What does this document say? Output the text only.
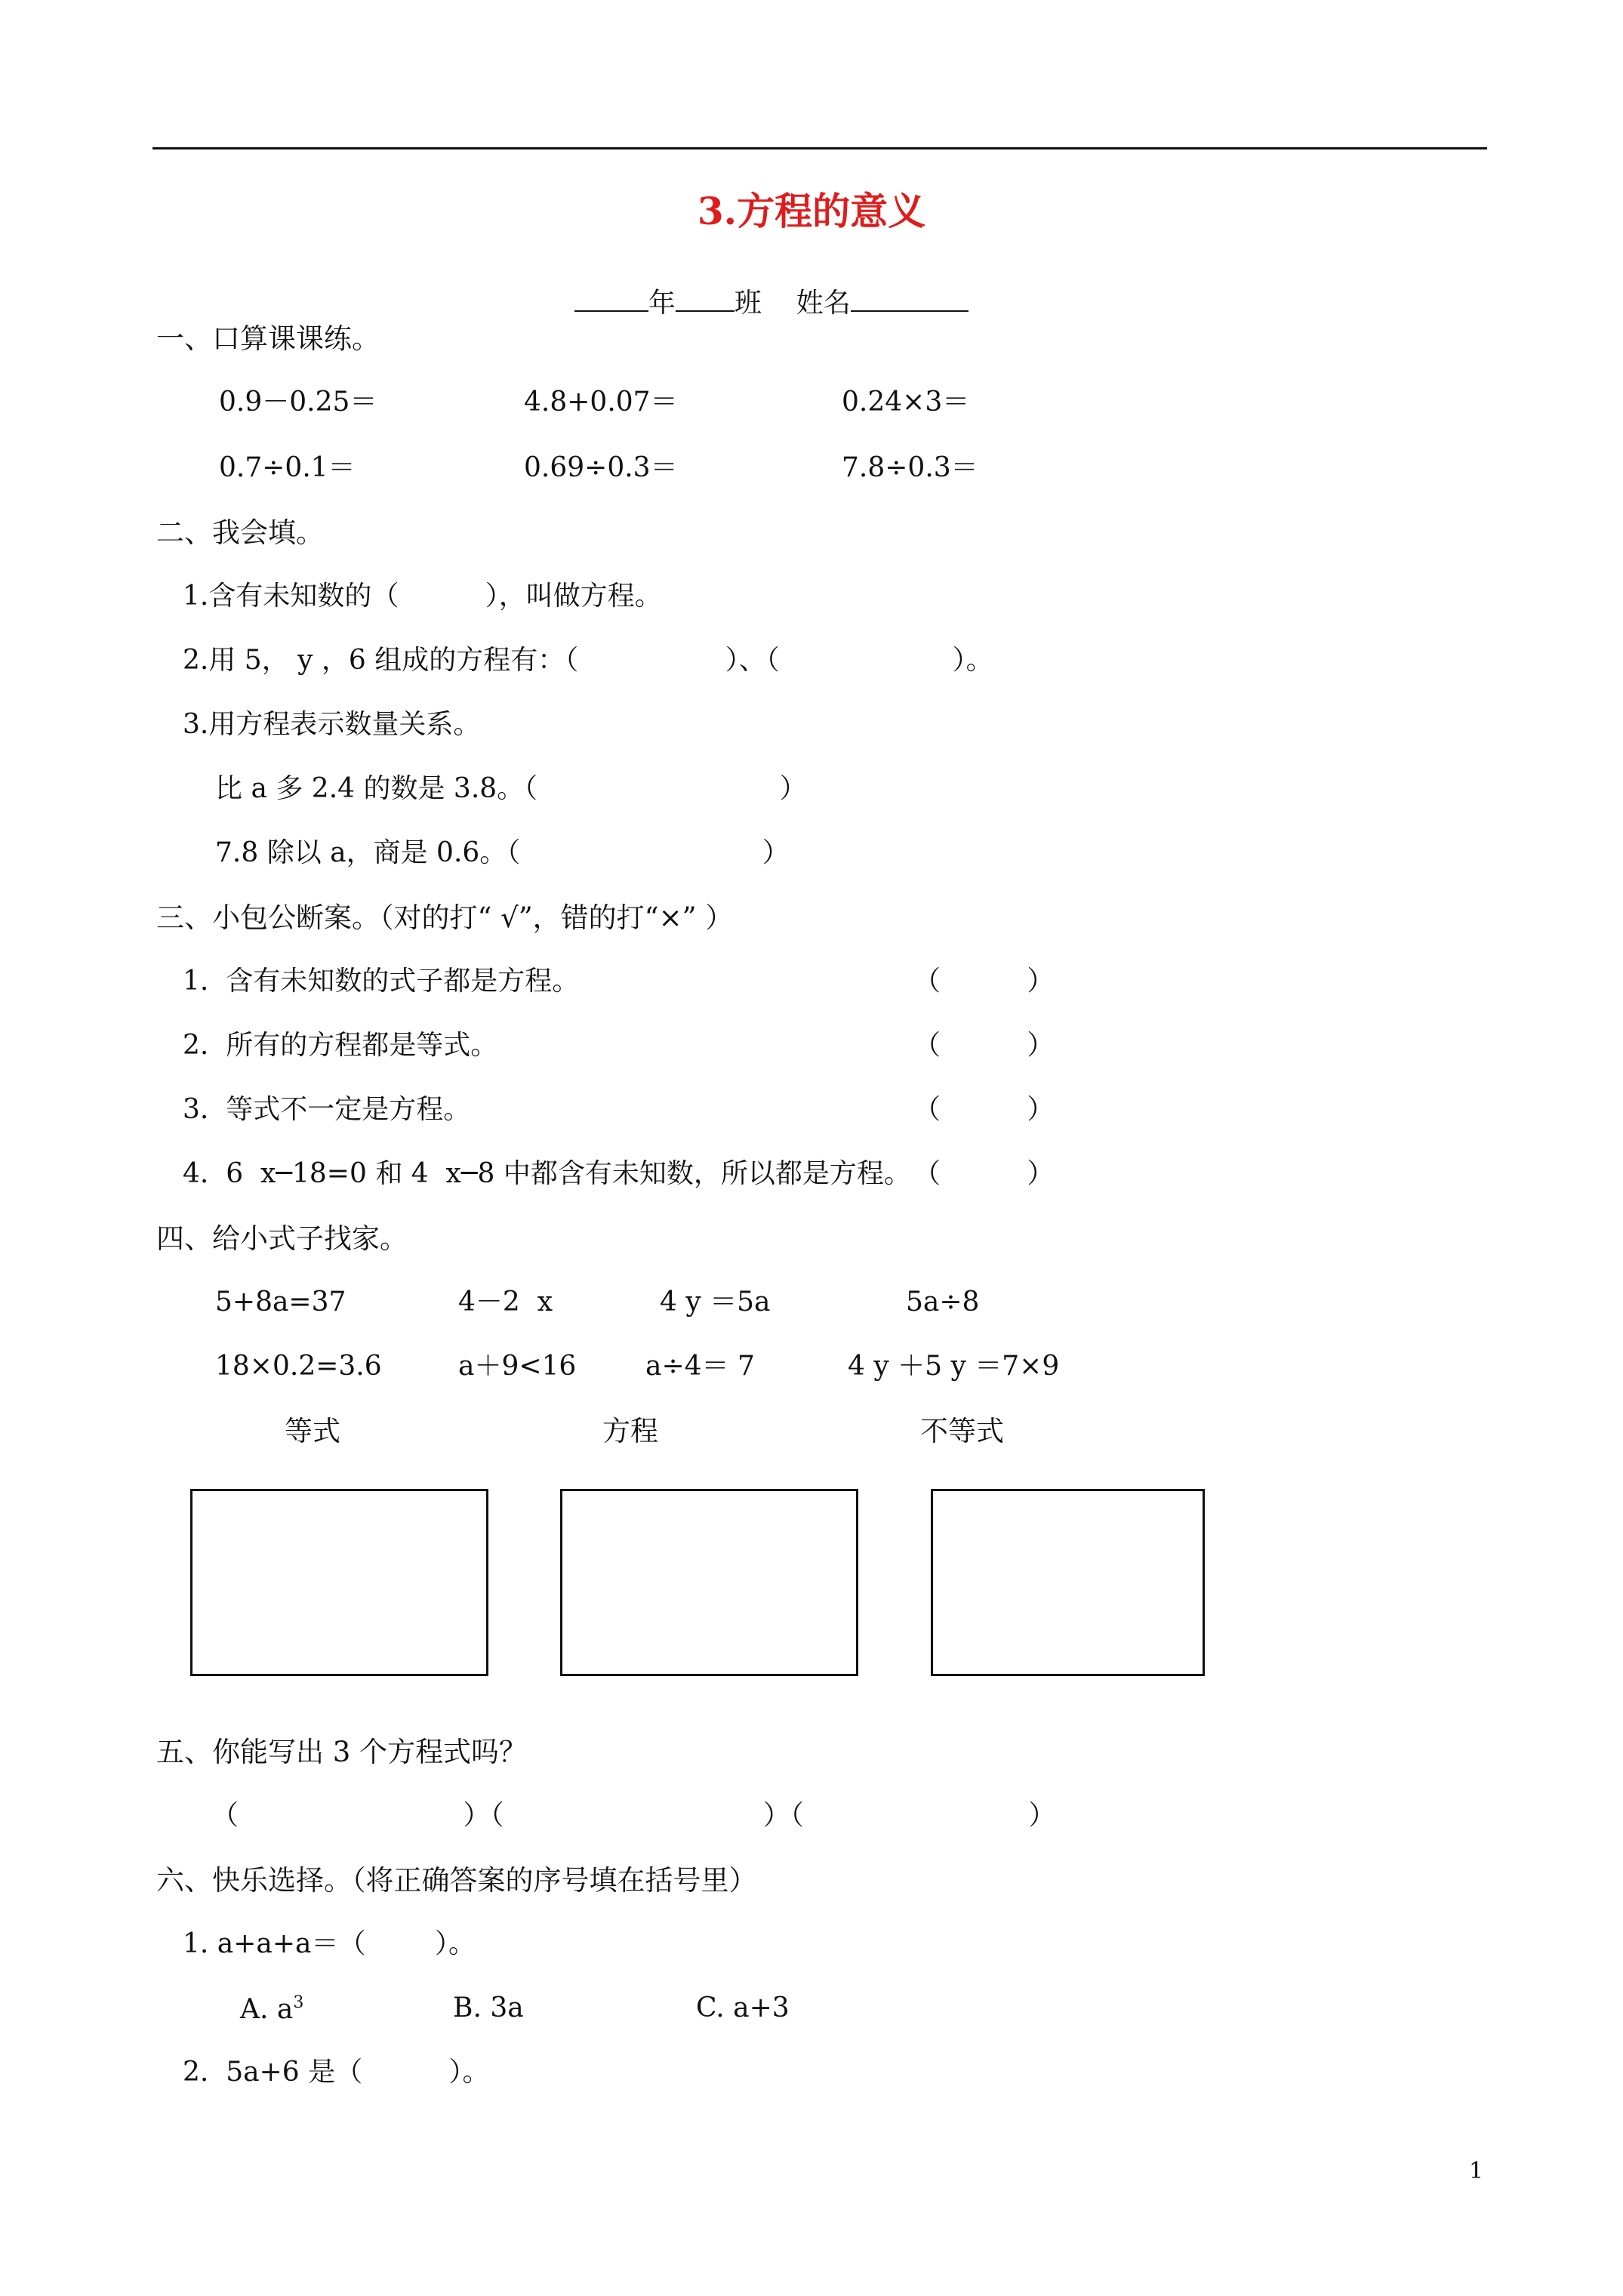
3.方程的意义

年 班 姓名

一、口算课课练。
0.9－0.25＝	4.8+0.07＝	0.24×3＝
0.7÷0.1＝	0.69÷0.3＝	7.8÷0.3＝
二、我会填。
1.含有未知数的（          ），叫做方程。
2.用 5， y ，6 组成的方程有：（                 ）、（                    ）。
3.用方程表示数量关系。
比 a 多 2.4 的数是 3.8。（                            ）
7.8 除以 a，商是 0.6。（                            ）
三、小包公断案。（对的打“ √”，错的打“×” ）
1.  含有未知数的式子都是方程。	（          ）
2.  所有的方程都是等式。	（          ）
3.  等式不一定是方程。	（          ）
4.  6  x─18=0 和 4  x─8 中都含有未知数，所以都是方程。 （          ）
四、给小式子找家。
5+8a=37	4－2  x	4 y ＝5a	5a÷8
18×0.2=3.6	a＋9<16	a÷4＝ 7	4 y ＋5 y ＝7×9
等式	方程	不等式
五、你能写出 3 个方程式吗？
（                          ）（                              ）（                          ）
六、快乐选择。（将正确答案的序号填在括号里）
1. a+a+a＝（        ）。
A. $a^3$	B. 3a	C. a+3
2.  5a+6 是（          ）。
1
